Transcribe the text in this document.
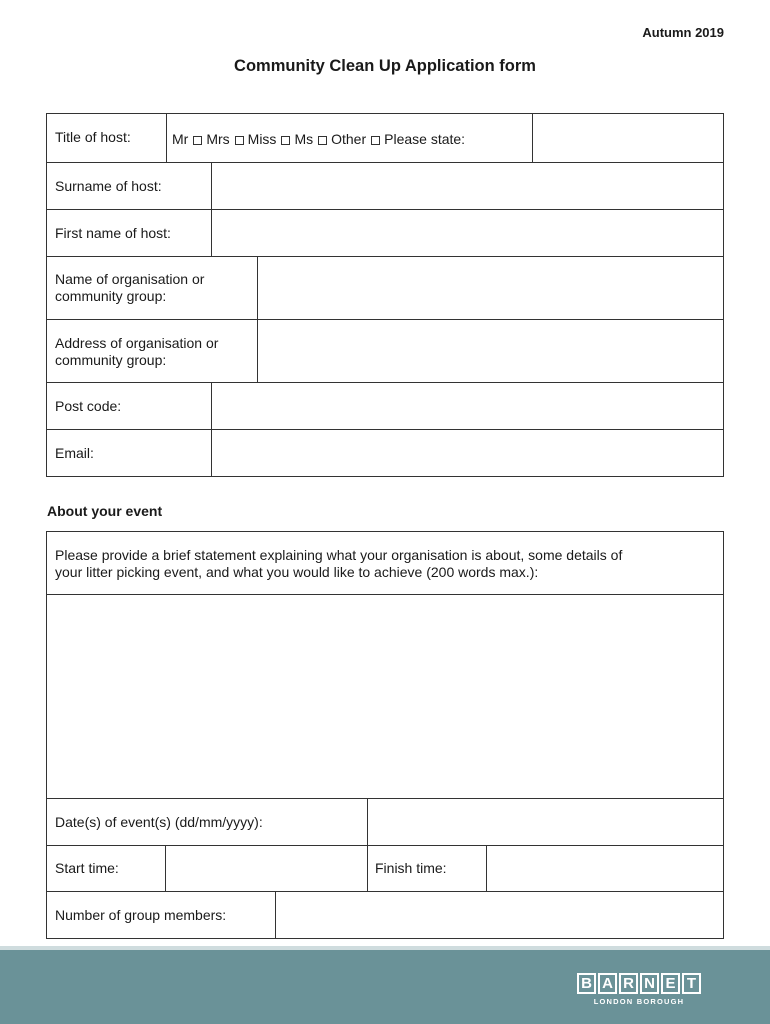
Autumn 2019
Community Clean Up Application form
Title of host:	Mr Mrs Miss Ms Other Please state:
Surname of host:
First name of host:
Name of organisation or
community group:
Address of organisation or
community group:
Post code:
Email:
About your event
Please provide a brief statement explaining what your organisation is about, some details of
your litter picking event, and what you would like to achieve (200 words max.):
Date(s) of event(s) (dd/mm/yyyy):
Start time:	Finish time:
Number of group members:
B A R N E T
LONDON BOROUGH
